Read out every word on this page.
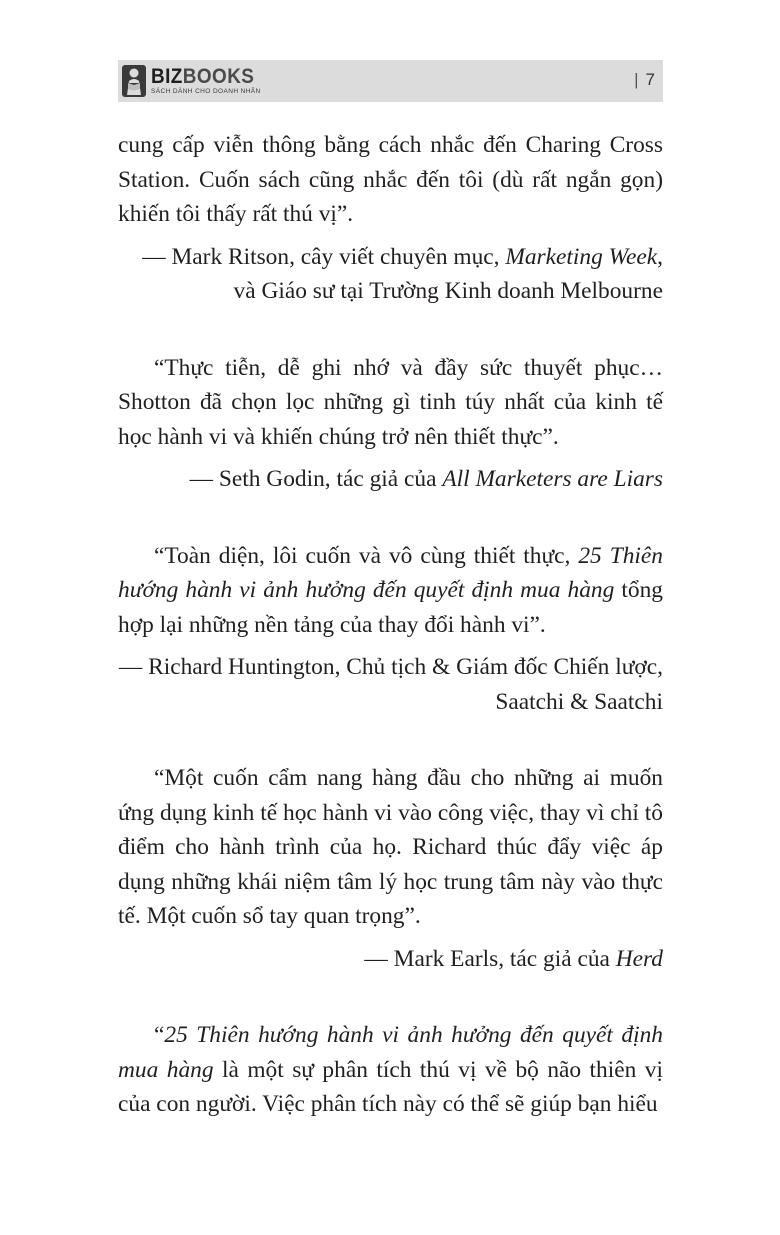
BIZBOOKS
SÁCH DÀNH CHO DOANH NHÂN
| 7

cung cấp viễn thông bằng cách nhắc đến Charing Cross Station. Cuốn sách cũng nhắc đến tôi (dù rất ngắn gọn) khiến tôi thấy rất thú vị”.

— Mark Ritson, cây viết chuyên mục, Marketing Week, và Giáo sư tại Trường Kinh doanh Melbourne

“Thực tiễn, dễ ghi nhớ và đầy sức thuyết phục… Shotton đã chọn lọc những gì tinh túy nhất của kinh tế học hành vi và khiến chúng trở nên thiết thực”.

— Seth Godin, tác giả của All Marketers are Liars

“Toàn diện, lôi cuốn và vô cùng thiết thực, 25 Thiên hướng hành vi ảnh hưởng đến quyết định mua hàng tổng hợp lại những nền tảng của thay đổi hành vi”.

— Richard Huntington, Chủ tịch & Giám đốc Chiến lược, Saatchi & Saatchi

“Một cuốn cẩm nang hàng đầu cho những ai muốn ứng dụng kinh tế học hành vi vào công việc, thay vì chỉ tô điểm cho hành trình của họ. Richard thúc đẩy việc áp dụng những khái niệm tâm lý học trung tâm này vào thực tế. Một cuốn sổ tay quan trọng”.

— Mark Earls, tác giả của Herd

“25 Thiên hướng hành vi ảnh hưởng đến quyết định mua hàng là một sự phân tích thú vị về bộ não thiên vị của con người. Việc phân tích này có thể sẽ giúp bạn hiểu
